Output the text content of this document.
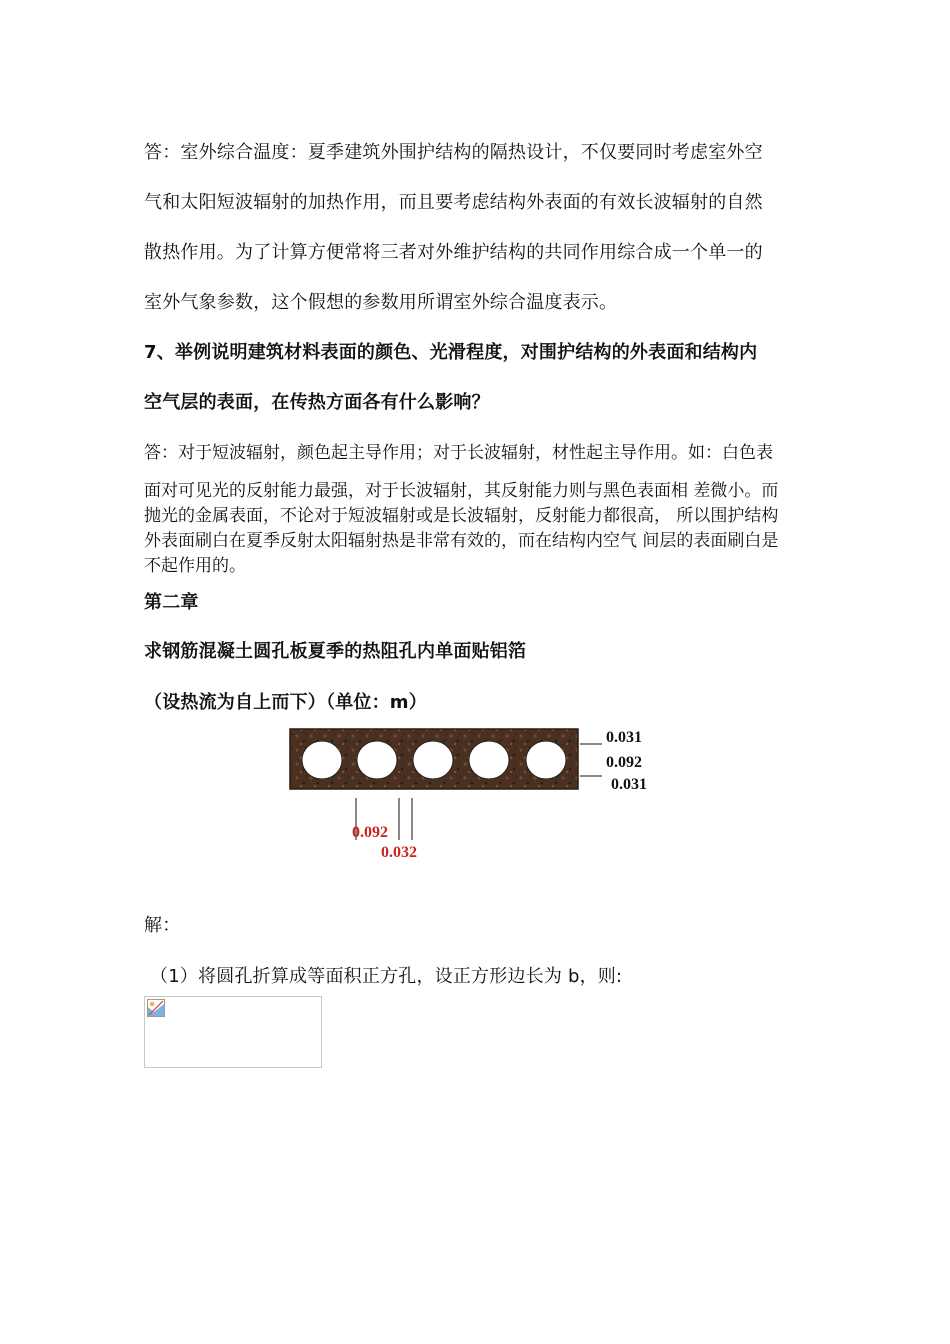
答：室外综合温度：夏季建筑外围护结构的隔热设计，不仅要同时考虑室外空
气和太阳短波辐射的加热作用，而且要考虑结构外表面的有效长波辐射的自然
散热作用。为了计算方便常将三者对外维护结构的共同作用综合成一个单一的
室外气象参数，这个假想的参数用所谓室外综合温度表示。
7、举例说明建筑材料表面的颜色、光滑程度，对围护结构的外表面和结构内
空气层的表面，在传热方面各有什么影响？
答：对于短波辐射，颜色起主导作用；对于长波辐射，材性起主导作用。如：白色表
面对可见光的反射能力最强，对于长波辐射，其反射能力则与黑色表面相 差微小。而
抛光的金属表面，不论对于短波辐射或是长波辐射，反射能力都很高， 所以围护结构
外表面刷白在夏季反射太阳辐射热是非常有效的，而在结构内空气 间层的表面刷白是
不起作用的。
第二章
求钢筋混凝土圆孔板夏季的热阻孔内单面贴铝箔
（设热流为自上而下）（单位：m）
0.031
0.092
0.031
0.092
0.032
解：
（1）将圆孔折算成等面积正方孔，设正方形边长为 b，则:
